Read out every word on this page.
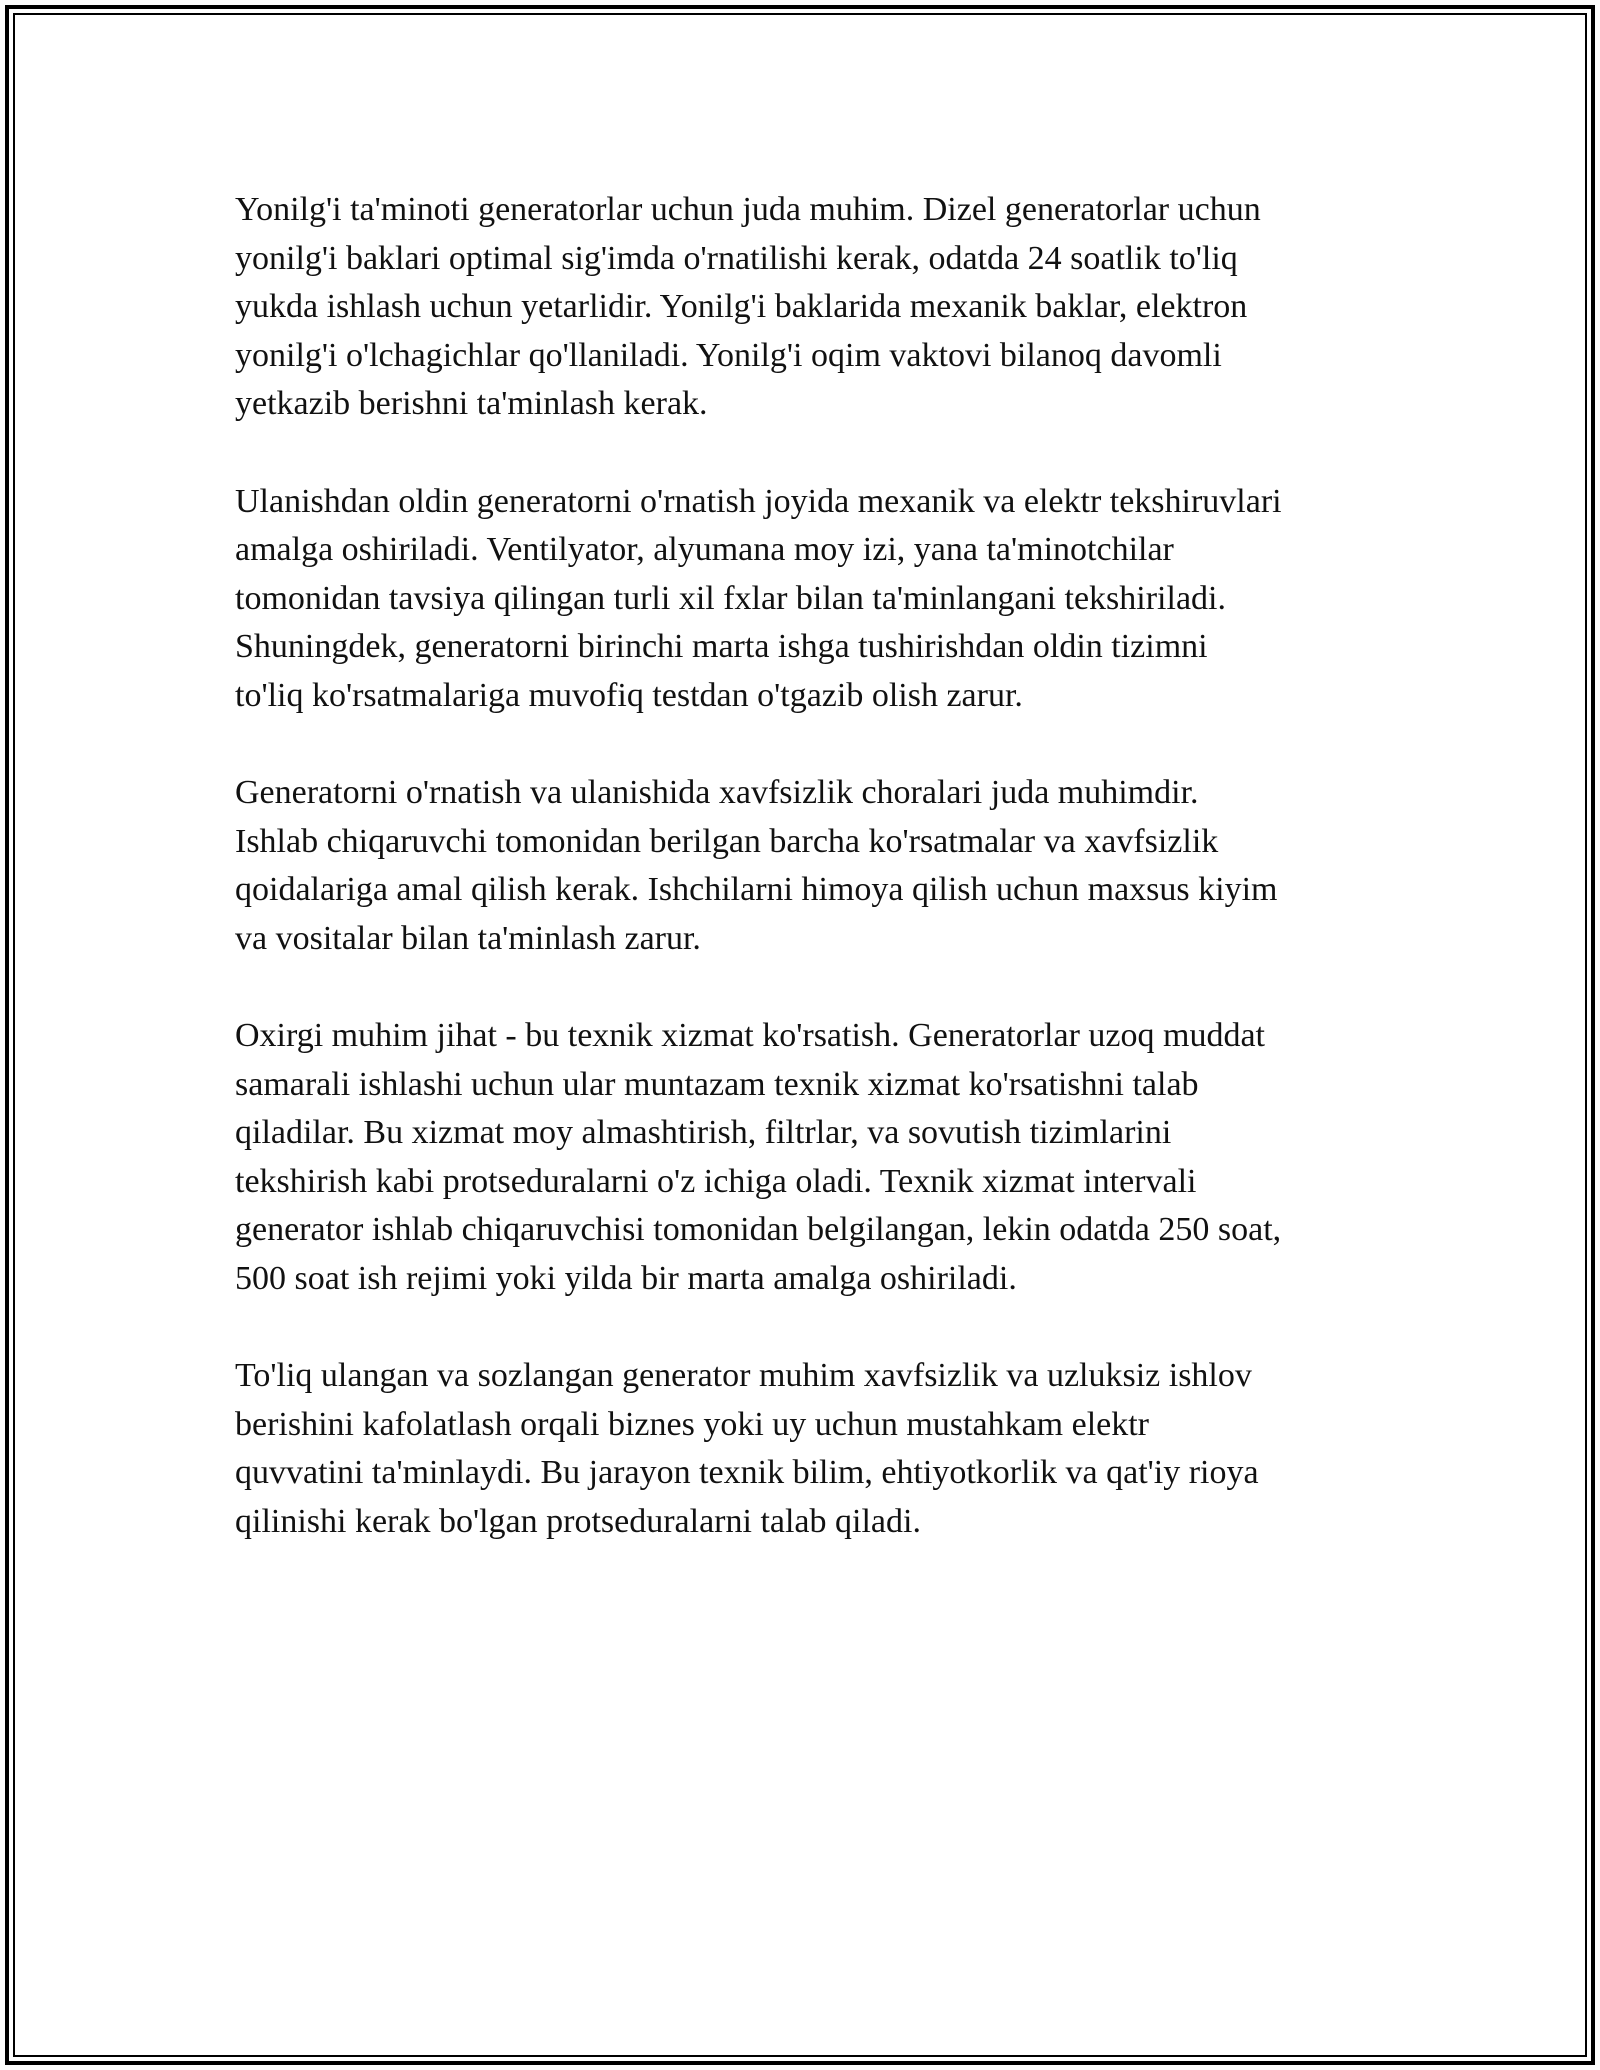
Yonilg'i ta'minoti generatorlar uchun juda muhim. Dizel generatorlar uchun
yonilg'i baklari optimal sig'imda o'rnatilishi kerak, odatda 24 soatlik to'liq
yukda ishlash uchun yetarlidir. Yonilg'i baklarida mexanik baklar, elektron
yonilg'i o'lchagichlar qo'llaniladi. Yonilg'i oqim vaktovi bilanoq davomli
yetkazib berishni ta'minlash kerak.

Ulanishdan oldin generatorni o'rnatish joyida mexanik va elektr tekshiruvlari
amalga oshiriladi. Ventilyator, alyumana moy izi, yana ta'minotchilar
tomonidan tavsiya qilingan turli xil fxlar bilan ta'minlangani tekshiriladi.
Shuningdek, generatorni birinchi marta ishga tushirishdan oldin tizimni
to'liq ko'rsatmalariga muvofiq testdan o'tgazib olish zarur.

Generatorni o'rnatish va ulanishida xavfsizlik choralari juda muhimdir.
Ishlab chiqaruvchi tomonidan berilgan barcha ko'rsatmalar va xavfsizlik
qoidalariga amal qilish kerak. Ishchilarni himoya qilish uchun maxsus kiyim
va vositalar bilan ta'minlash zarur.

Oxirgi muhim jihat - bu texnik xizmat ko'rsatish. Generatorlar uzoq muddat
samarali ishlashi uchun ular muntazam texnik xizmat ko'rsatishni talab
qiladilar. Bu xizmat moy almashtirish, filtrlar, va sovutish tizimlarini
tekshirish kabi protseduralarni o'z ichiga oladi. Texnik xizmat intervali
generator ishlab chiqaruvchisi tomonidan belgilangan, lekin odatda 250 soat,
500 soat ish rejimi yoki yilda bir marta amalga oshiriladi.

To'liq ulangan va sozlangan generator muhim xavfsizlik va uzluksiz ishlov
berishini kafolatlash orqali biznes yoki uy uchun mustahkam elektr
quvvatini ta'minlaydi. Bu jarayon texnik bilim, ehtiyotkorlik va qat'iy rioya
qilinishi kerak bo'lgan protseduralarni talab qiladi.
